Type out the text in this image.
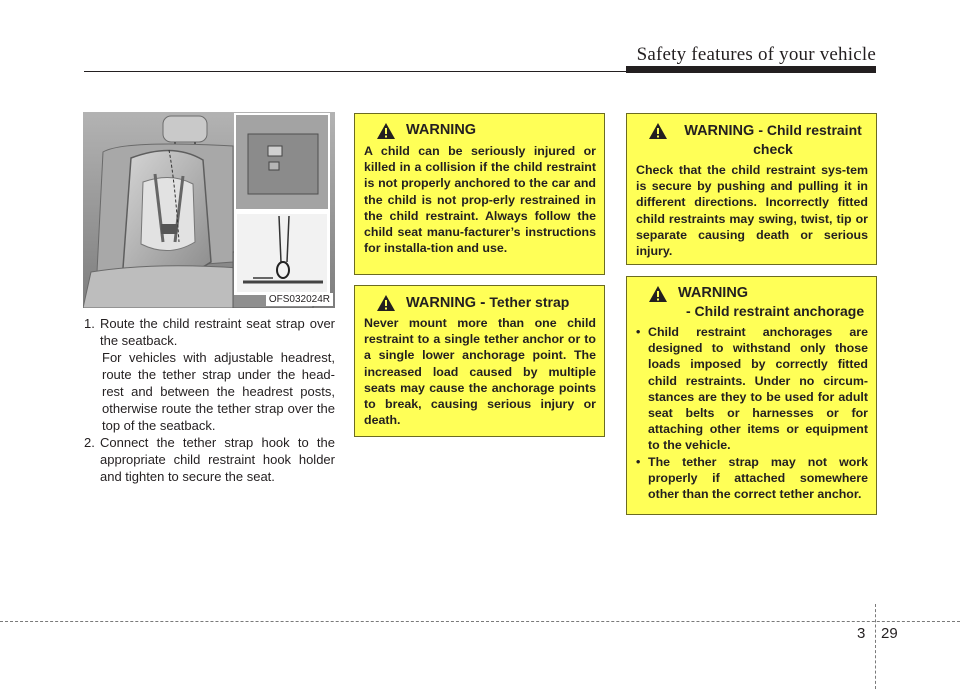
Safety features of your vehicle
OFS032024R
1. Route the child restraint seat strap over the seatback.
For vehicles with adjustable headrest, route the tether strap under the head-rest and between the headrest posts, otherwise route the tether strap over the top of the seatback.
2. Connect the tether strap hook to the appropriate child restraint hook holder and tighten to secure the seat.
WARNING
A child can be seriously injured or killed in a collision if the child restraint is not properly anchored to the car and the child is not prop-erly restrained in the child restraint. Always follow the child seat manu-facturer’s instructions for installa-tion and use.
WARNING - Tether strap
Never mount more than one child restraint to a single tether anchor or to a single lower anchorage point. The increased load caused by multiple seats may cause the anchorage points to break, causing serious injury or death.
WARNING - Child restraint check
Check that the child restraint sys-tem is secure by pushing and pulling it in different directions. Incorrectly fitted child restraints may swing, twist, tip or separate causing death or serious injury.
WARNING
- Child restraint anchorage
• Child restraint anchorages are designed to withstand only those loads imposed by correctly fitted child restraints. Under no circum-stances are they to be used for adult seat belts or harnesses or for attaching other items or equipment to the vehicle.
• The tether strap may not work properly if attached somewhere other than the correct tether anchor.
3 29
